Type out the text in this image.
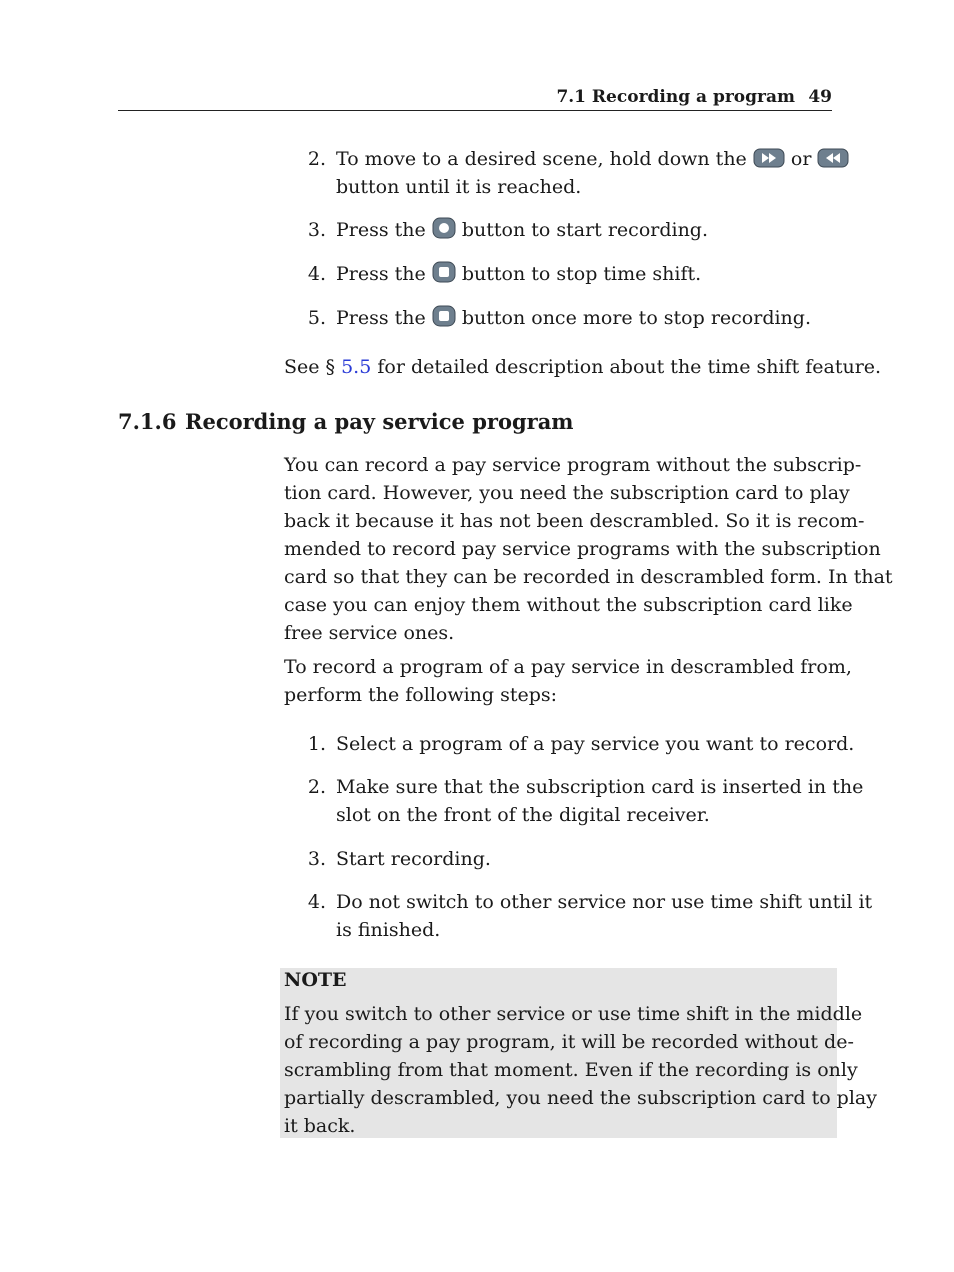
7.1 Recording a program 49
2. To move to a desired scene, hold down the or
button until it is reached.
3. Press the button to start recording.
4. Press the button to stop time shift.
5. Press the button once more to stop recording.
See § 5.5 for detailed description about the time shift feature.
7.1.6 Recording a pay service program
You can record a pay service program without the subscrip-
tion card. However, you need the subscription card to play
back it because it has not been descrambled. So it is recom-
mended to record pay service programs with the subscription
card so that they can be recorded in descrambled form. In that
case you can enjoy them without the subscription card like
free service ones.
To record a program of a pay service in descrambled from,
perform the following steps:
1. Select a program of a pay service you want to record.
2. Make sure that the subscription card is inserted in the
slot on the front of the digital receiver.
3. Start recording.
4. Do not switch to other service nor use time shift until it
is finished.
NOTE
If you switch to other service or use time shift in the middle
of recording a pay program, it will be recorded without de-
scrambling from that moment. Even if the recording is only
partially descrambled, you need the subscription card to play
it back.
